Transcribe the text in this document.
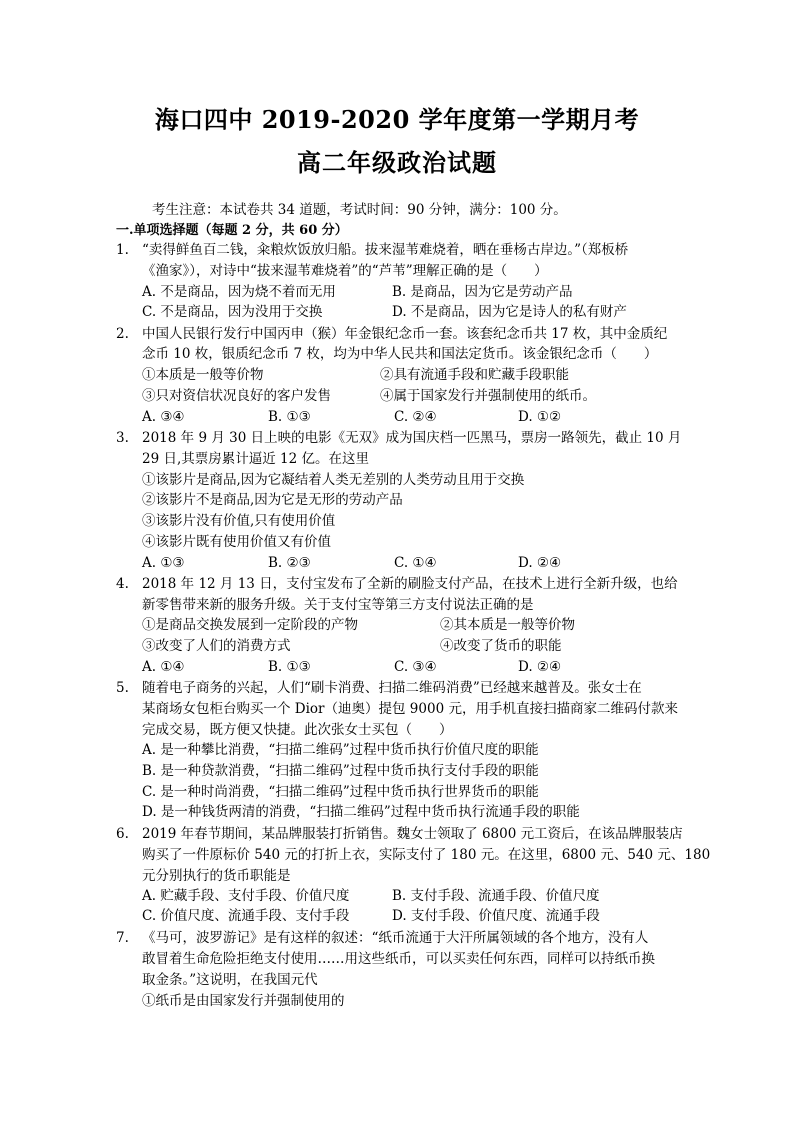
海口四中 2019-2020 学年度第一学期月考
高二年级政治试题
考生注意：本试卷共 34 道题，考试时间：90 分钟，满分：100 分。
一.单项选择题（每题 2 分，共 60 分）
1. “卖得鲜鱼百二钱，籴粮炊饭放归船。拔来湿苇难烧着，晒在垂杨古岸边。”（郑板桥
《渔家》），对诗中“拔来湿苇难烧着”的“芦苇”理解正确的是（　　）
A. 不是商品，因为烧不着而无用	B. 是商品，因为它是劳动产品
C. 不是商品，因为没用于交换	D. 不是商品，因为它是诗人的私有财产
2. 中国人民银行发行中国丙申（猴）年金银纪念币一套。该套纪念币共 17 枚，其中金质纪
念币 10 枚，银质纪念币 7 枚，均为中华人民共和国法定货币。该金银纪念币（　　）
①本质是一般等价物	②具有流通手段和贮藏手段职能
③只对资信状况良好的客户发售	④属于国家发行并强制使用的纸币。
A. ③④	B. ①③	C. ②④	D. ①②
3. 2018 年 9 月 30 日上映的电影《无双》成为国庆档一匹黑马，票房一路领先，截止 10 月
29 日,其票房累计逼近 12 亿。在这里
①该影片是商品,因为它凝结着人类无差别的人类劳动且用于交换
②该影片不是商品,因为它是无形的劳动产品
③该影片没有价值,只有使用价值
④该影片既有使用价值又有价值
A. ①③	B. ②③	C. ①④	D. ②④
4. 2018 年 12 月 13 日，支付宝发布了全新的刷脸支付产品，在技术上进行全新升级，也给
新零售带来新的服务升级。关于支付宝等第三方支付说法正确的是
①是商品交换发展到一定阶段的产物	②其本质是一般等价物
③改变了人们的消费方式	④改变了货币的职能
A. ①④	B. ①③	C. ③④	D. ②④
5. 随着电子商务的兴起，人们“刷卡消费、扫描二维码消费”已经越来越普及。张女士在
某商场女包柜台购买一个 Dior（迪奥）提包 9000 元，用手机直接扫描商家二维码付款来
完成交易，既方便又快捷。此次张女士买包（　　）
A. 是一种攀比消费，“扫描二维码”过程中货币执行价值尺度的职能
B. 是一种贷款消费，“扫描二维码”过程中货币执行支付手段的职能
C. 是一种时尚消费，“扫描二维码”过程中货币执行世界货币的职能
D. 是一种钱货两清的消费，“扫描二维码”过程中货币执行流通手段的职能
6. 2019 年春节期间，某品牌服装打折销售。魏女士领取了 6800 元工资后，在该品牌服装店
购买了一件原标价 540 元的打折上衣，实际支付了 180 元。在这里，6800 元、540 元、180
元分别执行的货币职能是
A. 贮藏手段、支付手段、价值尺度	B. 支付手段、流通手段、价值尺度
C. 价值尺度、流通手段、支付手段	D. 支付手段、价值尺度、流通手段
7. 《马可，波罗游记》是有这样的叙述：“纸币流通于大汗所属领域的各个地方，没有人
敢冒着生命危险拒绝支付使用……用这些纸币，可以买卖任何东西，同样可以持纸币换
取金条。”这说明，在我国元代
①纸币是由国家发行并强制使用的
